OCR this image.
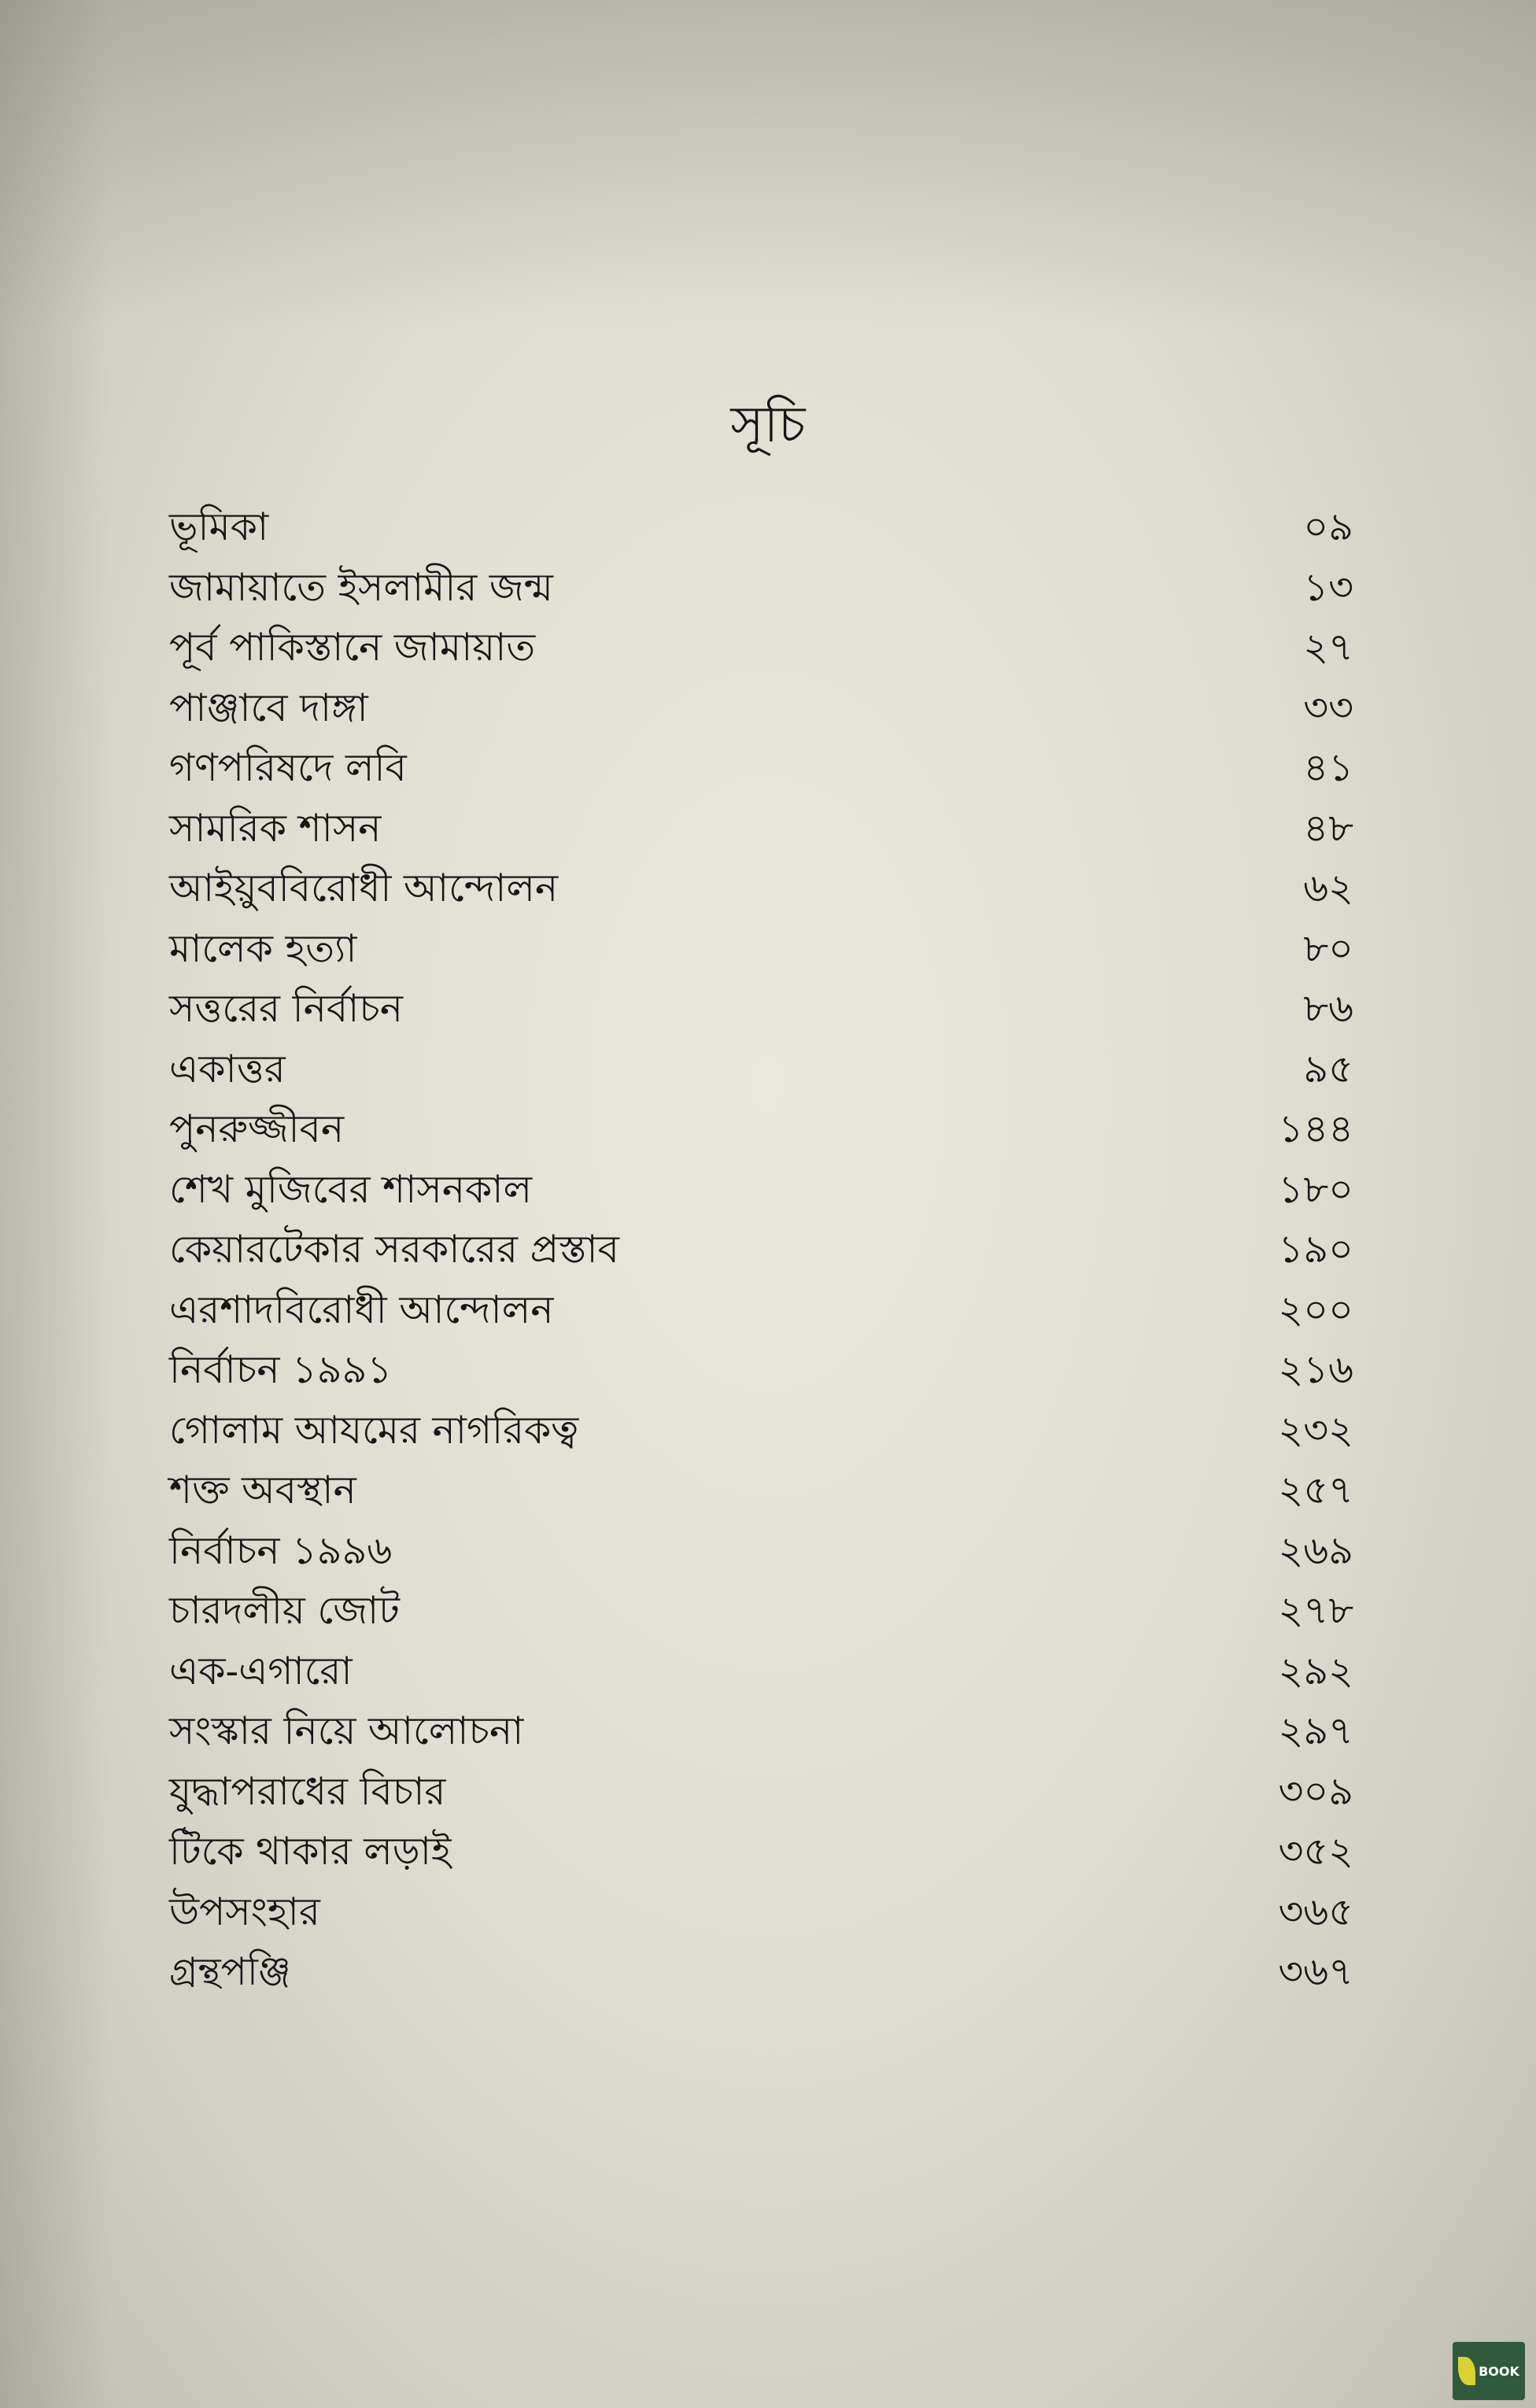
সূচি
ভূমিকা	০৯
জামায়াতে ইসলামীর জন্ম	১৩
পূর্ব পাকিস্তানে জামায়াত	২৭
পাঞ্জাবে দাঙ্গা	৩৩
গণপরিষদে লবি	৪১
সামরিক শাসন	৪৮
আইয়ুববিরোধী আন্দোলন	৬২
মালেক হত্যা	৮০
সত্তরের নির্বাচন	৮৬
একাত্তর	৯৫
পুনরুজ্জীবন	১৪৪
শেখ মুজিবের শাসনকাল	১৮০
কেয়ারটেকার সরকারের প্রস্তাব	১৯০
এরশাদবিরোধী আন্দোলন	২০০
নির্বাচন ১৯৯১	২১৬
গোলাম আযমের নাগরিকত্ব	২৩২
শক্ত অবস্থান	২৫৭
নির্বাচন ১৯৯৬	২৬৯
চারদলীয় জোট	২৭৮
এক-এগারো	২৯২
সংস্কার নিয়ে আলোচনা	২৯৭
যুদ্ধাপরাধের বিচার	৩০৯
টিকে থাকার লড়াই	৩৫২
উপসংহার	৩৬৫
গ্রন্থপঞ্জি	৩৬৭
BOOK
